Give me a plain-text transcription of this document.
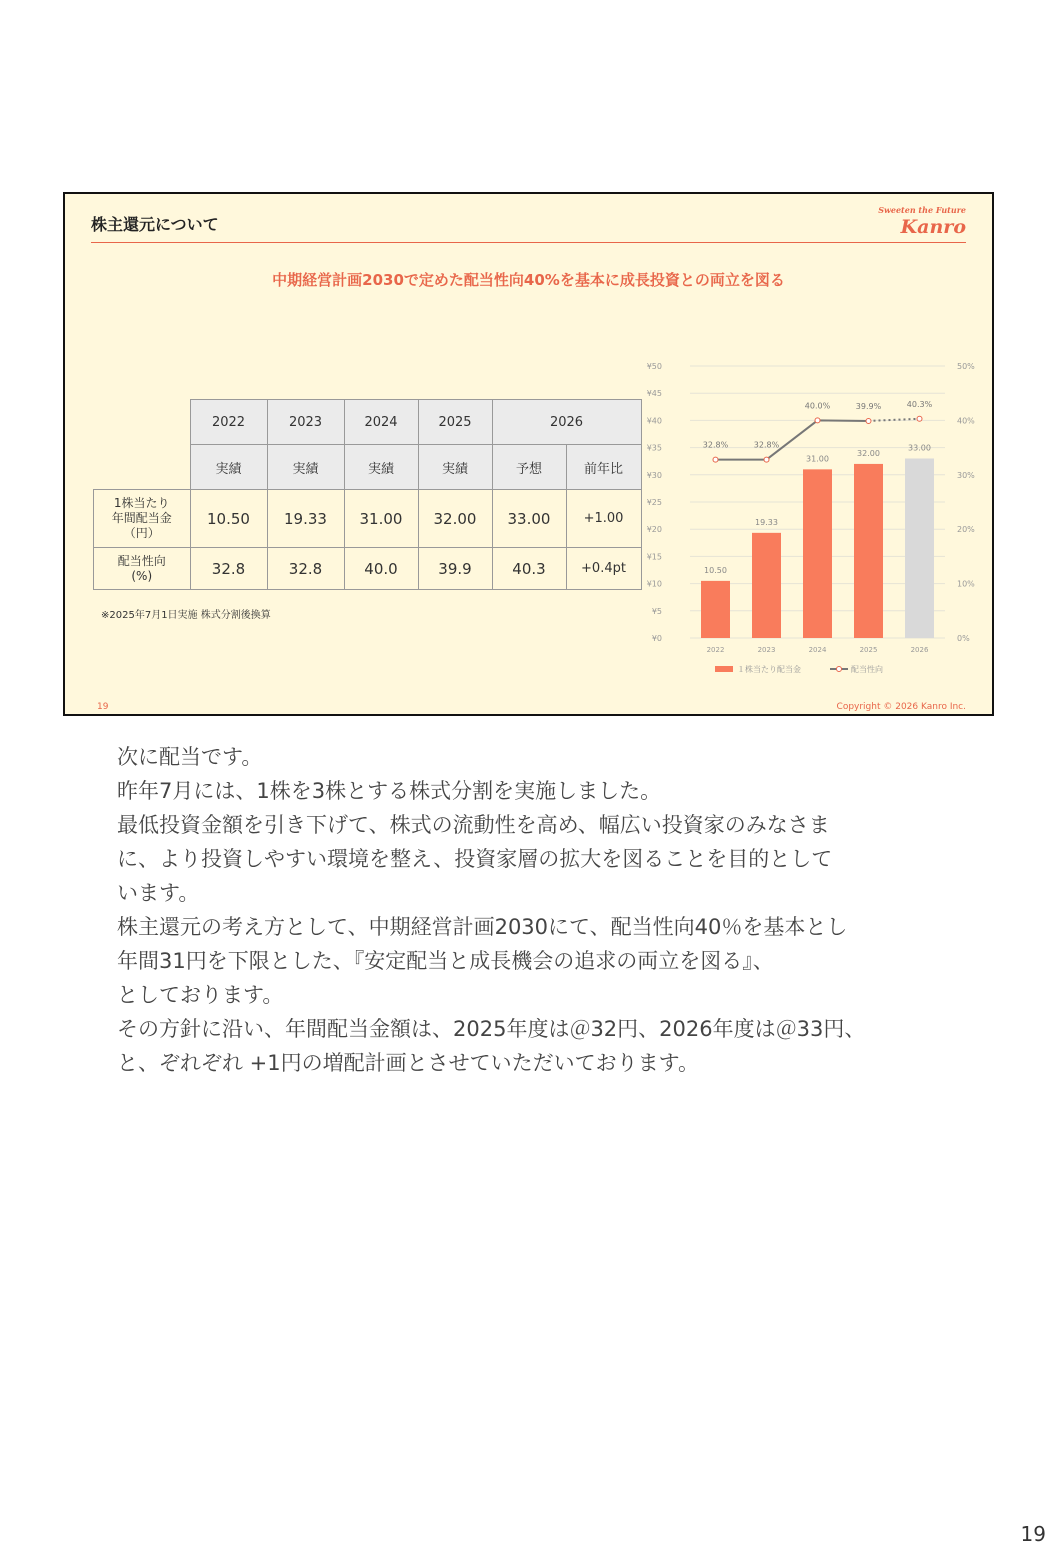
株主還元について
Sweeten the Future
Kanro
中期経営計画2030で定めた配当性向40%を基本に成長投資との両立を図る
	2022	2023	2024	2025	2026	
	実績	実績	実績	実績	予想	前年比
1株当たり
年間配当金
（円）	10.50	19.33	31.00	32.00	33.00	+1.00
配当性向
(%)	32.8	32.8	40.0	39.9	40.3	+0.4pt
※2025年7月1日実施 株式分割後換算
¥0
¥5
¥10
¥15
¥20
¥25
¥30
¥35
¥40
¥45
¥50
0%
10%
20%
30%
40%
50%
10.50
2022
19.33
2023
31.00
2024
32.00
2025
33.00
2026
32.8%	32.8%
40.0%	39.9%	40.3%
１株当たり配当金	配当性向
19	Copyright © 2026 Kanro Inc.

次に配当です。

昨年7月には、1株を3株とする株式分割を実施しました。

最低投資金額を引き下げて、株式の流動性を高め、幅広い投資家のみなさま

に、より投資しやすい環境を整え、投資家層の拡大を図ることを目的として

います。

株主還元の考え方として、中期経営計画2030にて、配当性向40％を基本とし

年間31円を下限とした、『安定配当と成長機会の追求の両立を図る』、

としております。

その方針に沿い、年間配当金額は、2025年度は＠32円、2026年度は＠33円、

と、ぞれぞれ +1円の増配計画とさせていただいております。

19
